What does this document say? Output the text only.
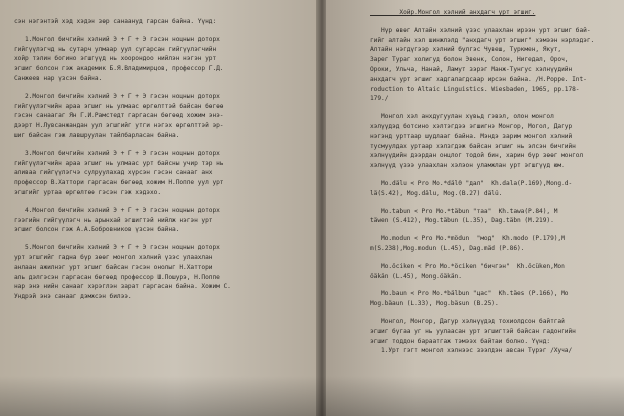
сэн нэгэнтэй хэд хэдэн зөр санаануд гарсан байна. Үүнд:
1.Монгол бичгийн хэлний Э + Г + Э гэсэн ноцнын доторх
гийгүүлэгчд нь сутарч улмаар уул сугарсан гийгүүлэгчийн
хойр тэлин богино эгшгүүд нь хоорондоо нийлэн нэгэн урт
эгшиг болсон гэж академик Б.Я.Владимирцов, профессор Г.Д.
Санжеев нар үзсэн байна.
2.Монгол бичгийн хэлний Э + Г + Э гэсэн ноцнын доторх
гийгүүлэгчийн араа эгшиг нь улмаас өргөлттэй байсан бөгөө
гэсэн санаагаг Ян Г.И.Рамстедт гаргасан бөгөөд хожим энэ-
дээрт Н.Лувсанжандан уул эгшгийг утги нэгэх өргөлттэй эр-
шиг байсан гэж лавшруулан тайлбарласан байна.
3.Монгол бичгийн хэлний Э + Г + Э гэсэн ноцнын доторх
гийгүүлэгчийн араа эгшиг нь улмаас урт байсны учир тэр нь
аливаа гийгүүлэгчэ сулруулахад хүрсэн гэсэн санааг анх
профессор В.Хаттори гаргасан бөгөөд хожим Н.Поппе уул урт
эгшгийг уртаа өргөлтөө гэсэн гэж хэдэхо.
4.Монгол бичгийн хэлний Э + Г + Э гэсэн ноцнын доторх
гээгийн гийгүүлэгч нь арынхай эгшигтэй нийлж нэгэн урт
эгшиг болсон гэж А.А.Бобровников үзсэн байна.
5.Монгол бичгийн хэлний Э + Г + Э гэсэн ноцнын доторх
урт эгшгийг гадна бүр зөөг монгол хэлний үзэс улаахлан
анлаан ажилнэг урт эгшиг байсан гэсэн онолыг Н.Хаттори
аль дэлгэсэн гаргасан бөгөөд профессор Ш.Пошурэ, Н.Поппе
нар энэ нийн санааг хэрэглэн зарат гаргасан байна. Хожим С.
Ундрэй энэ санааг дэмжсэн билээ.
Хойр.Монгол хэлний анхдагч урт эгшиг.
Нүр өвөг Алтайн хэлний үзэс улаахлан ирээн урт эгшиг бай-
гийг алтайн хэл шинжлэлд "анхдагч урт эгшиг" хэмээн нэрлэдэг.
Алтайн нэгдүгээр хэлний бүлгэс Чувеш, Туркмен, Якут,
Зарег Тураг холигуд болон Эвенк, Солон, Нигедал, Ороч,
Ороки, Ульча, Нанай, Ламут зэрэг Манж-Тунгус хэлнүүдийн
анхдагч урт эгшиг хадгалагдсаар ирсэн байна. /Н.Poppe. Int-
roduction to Altaic Linguistics. Wiesbaden, 1965, pp.178-
179./
Монгол хэл анхдугуулан хүвьд гэвэл, олон монгол
хэлүүдэд ботсино хэлтэгдээ эгшигнэ Монгор, Могол, Дагур
нэгэнд урттаар шудлааг байна. Мэндэ зарим монгол хэлний
тусмуулдах уртаар хэлзгдэж байсан эгшиг нь элсэн бичгийн
хэлнүүдийн дээрдан онцлог тодой бин, харин бүр зөөг монгол
хэлнүүд үзээ улаахлан хэлэон уламжлан урт эгшгүүд юм.
Мо.dälu < Pro Mo.*däl0 "дал"  Kh.dala(P.169),Mong.d-
lä(S.42), Mog.dälu, Mog.(B.27) dälü.
Mo.tabun < Pro Mo.*täbun "таа"  Kh.tawa(P.84), M
täwen (S.412), Mog.täbun (L.35), Dag.täbn (M.219).
Mo.modun < Pro Mo.*mödun  "мод"  Kh.modo (P.179),M
m(S.238),Mog.modun (L.45), Dag.mäd (P.86).
Mo.öciken < Pro Mo.*öciken "бичгэн"  Kh.öcüken,Mon
öäkän (L.45), Mong.öäkän.
Mo.baun < Pro Mo.*bälbun "цас"  Kh.täes (P.166), Mo
Mog.bäaun (L.33), Mog.bäsun (B.25).
Монгол, Монгор, Дагур хэлнүүдэд тохиолдсон байтгай
эгшиг бүгаа уг нь уулаасан урт эгшигтэй байсан гадонгийн
эгшиг тоддон бараатгаж тэмээх байтаи болно. Үүнд:
1.Урт гэгт монгол хэлнээс зээлдэн авсан Түрэг /Хуча/
